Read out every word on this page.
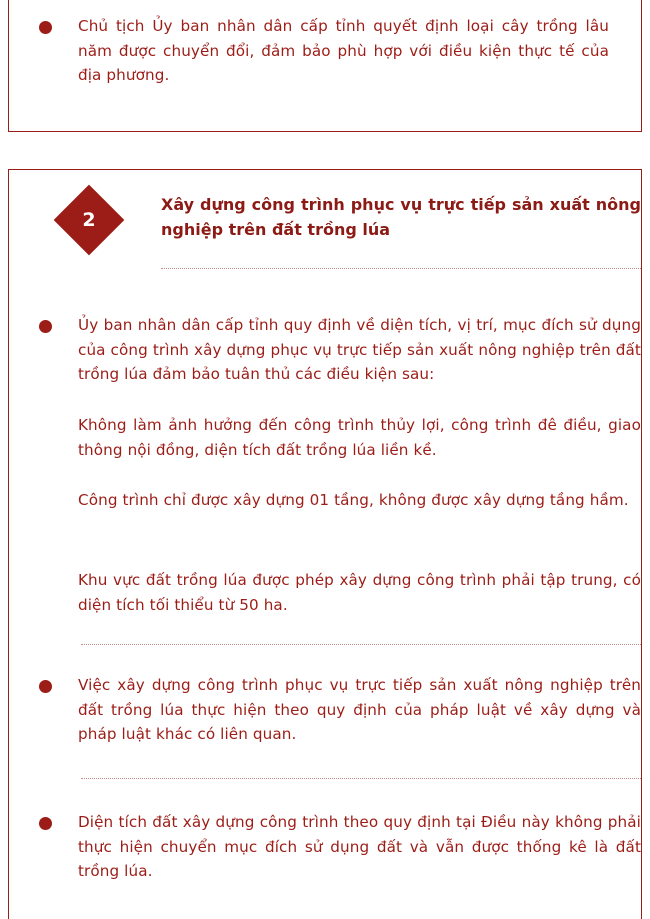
Chủ tịch Ủy ban nhân dân cấp tỉnh quyết định loại cây trồng lâu năm được chuyển đổi, đảm bảo phù hợp với điều kiện thực tế của địa phương.
2
Xây dựng công trình phục vụ trực tiếp sản xuất nông nghiệp trên đất trồng lúa
Ủy ban nhân dân cấp tỉnh quy định về diện tích, vị trí, mục đích sử dụng của công trình xây dựng phục vụ trực tiếp sản xuất nông nghiệp trên đất trồng lúa đảm bảo tuân thủ các điều kiện sau:
Không làm ảnh hưởng đến công trình thủy lợi, công trình đê điều, giao thông nội đồng, diện tích đất trồng lúa liền kề.
Công trình chỉ được xây dựng 01 tầng, không được xây dựng tầng hầm.
Khu vực đất trồng lúa được phép xây dựng công trình phải tập trung, có diện tích tối thiểu từ 50 ha.
Việc xây dựng công trình phục vụ trực tiếp sản xuất nông nghiệp trên đất trồng lúa thực hiện theo quy định của pháp luật về xây dựng và pháp luật khác có liên quan.
Diện tích đất xây dựng công trình theo quy định tại Điều này không phải thực hiện chuyển mục đích sử dụng đất và vẫn được thống kê là đất trồng lúa.
